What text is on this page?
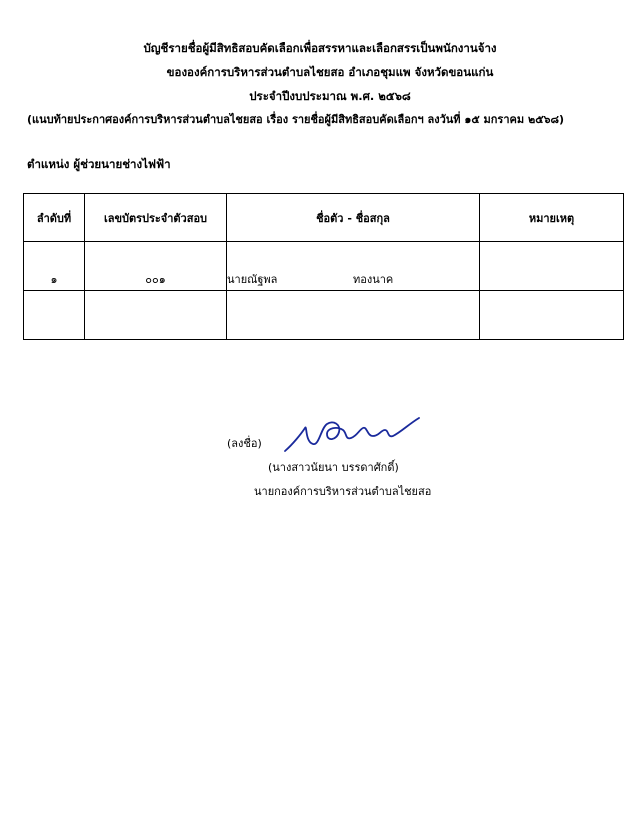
บัญชีรายชื่อผู้มีสิทธิสอบคัดเลือกเพื่อสรรหาและเลือกสรรเป็นพนักงานจ้าง
ขององค์การบริหารส่วนตำบลไชยสอ อำเภอชุมแพ จังหวัดขอนแก่น
ประจำปีงบประมาณ พ.ศ. ๒๕๖๘
(แนบท้ายประกาศองค์การบริหารส่วนตำบลไชยสอ เรื่อง รายชื่อผู้มีสิทธิสอบคัดเลือกฯ ลงวันที่ ๑๕ มกราคม ๒๕๖๘)
ตำแหน่ง ผู้ช่วยนายช่างไฟฟ้า
ลำดับที่	เลขบัตรประจำตัวสอบ	ชื่อตัว - ชื่อสกุล	หมายเหตุ
๑	๐๐๑	นายณัฐพล ทองนาค	

(ลงชื่อ)
(นางสาวนัยนา บรรดาศักดิ์)
นายกองค์การบริหารส่วนตำบลไชยสอ
